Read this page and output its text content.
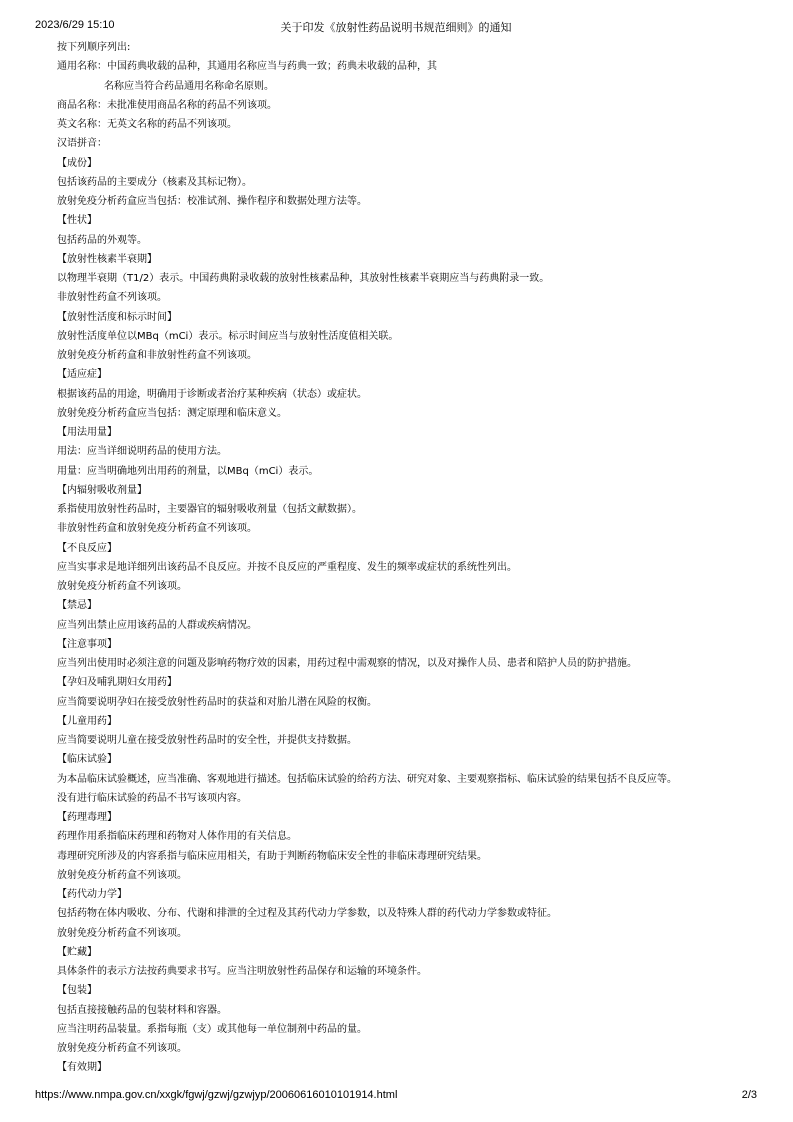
2023/6/29 15:10	关于印发《放射性药品说明书规范细则》的通知
按下列顺序列出:
通用名称：中国药典收载的品种，其通用名称应当与药典一致；药典未收载的品种，其
名称应当符合药品通用名称命名原则。
商品名称：未批准使用商品名称的药品不列该项。
英文名称：无英文名称的药品不列该项。
汉语拼音：
【成份】
包括该药品的主要成分（核素及其标记物）。
放射免疫分析药盒应当包括：校准试剂、操作程序和数据处理方法等。
【性状】
包括药品的外观等。
【放射性核素半衰期】
以物理半衰期（T1/2）表示。中国药典附录收载的放射性核素品种，其放射性核素半衰期应当与药典附录一致。
非放射性药盒不列该项。
【放射性活度和标示时间】
放射性活度单位以MBq（mCi）表示。标示时间应当与放射性活度值相关联。
放射免疫分析药盒和非放射性药盒不列该项。
【适应症】
根据该药品的用途，明确用于诊断或者治疗某种疾病（状态）或症状。
放射免疫分析药盒应当包括：测定原理和临床意义。
【用法用量】
用法：应当详细说明药品的使用方法。
用量：应当明确地列出用药的剂量，以MBq（mCi）表示。
【内辐射吸收剂量】
系指使用放射性药品时，主要器官的辐射吸收剂量（包括文献数据）。
非放射性药盒和放射免疫分析药盒不列该项。
【不良反应】
应当实事求是地详细列出该药品不良反应。并按不良反应的严重程度、发生的频率或症状的系统性列出。
放射免疫分析药盒不列该项。
【禁忌】
应当列出禁止应用该药品的人群或疾病情况。
【注意事项】
应当列出使用时必须注意的问题及影响药物疗效的因素，用药过程中需观察的情况，以及对操作人员、患者和陪护人员的防护措施。
【孕妇及哺乳期妇女用药】
应当简要说明孕妇在接受放射性药品时的获益和对胎儿潜在风险的权衡。
【儿童用药】
应当简要说明儿童在接受放射性药品时的安全性，并提供支持数据。
【临床试验】
为本品临床试验概述，应当准确、客观地进行描述。包括临床试验的给药方法、研究对象、主要观察指标、临床试验的结果包括不良反应等。
没有进行临床试验的药品不书写该项内容。
【药理毒理】
药理作用系指临床药理和药物对人体作用的有关信息。
毒理研究所涉及的内容系指与临床应用相关，有助于判断药物临床安全性的非临床毒理研究结果。
放射免疫分析药盒不列该项。
【药代动力学】
包括药物在体内吸收、分布、代谢和排泄的全过程及其药代动力学参数，以及特殊人群的药代动力学参数或特征。
放射免疫分析药盒不列该项。
【贮藏】
具体条件的表示方法按药典要求书写。应当注明放射性药品保存和运输的环境条件。
【包装】
包括直接接触药品的包装材料和容器。
应当注明药品装量。系指每瓶（支）或其他每一单位制剂中药品的量。
放射免疫分析药盒不列该项。
【有效期】
https://www.nmpa.gov.cn/xxgk/fgwj/gzwj/gzwjyp/20060616010101914.html	2/3
